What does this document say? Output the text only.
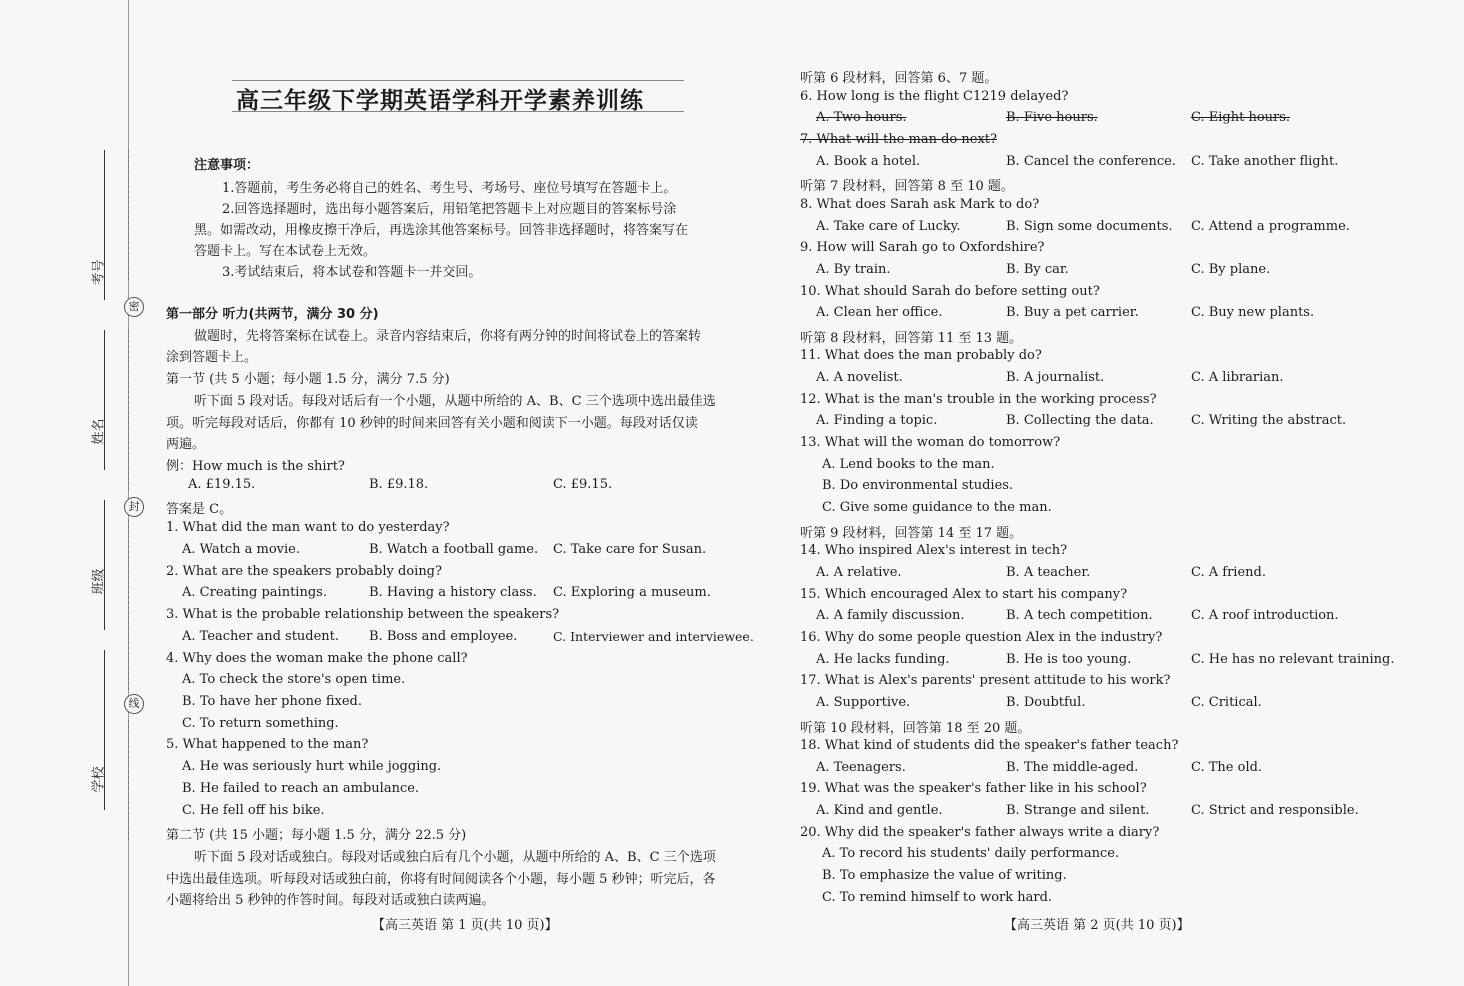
密
封
线
考号
姓名
班级
学校
高三年级下学期英语学科开学素养训练
注意事项：
1.答题前，考生务必将自己的姓名、考生号、考场号、座位号填写在答题卡上。
2.回答选择题时，选出每小题答案后，用铅笔把答题卡上对应题目的答案标号涂
黑。如需改动，用橡皮擦干净后，再选涂其他答案标号。回答非选择题时，将答案写在
答题卡上。写在本试卷上无效。
3.考试结束后，将本试卷和答题卡一并交回。
第一部分 听力(共两节，满分 30 分)
做题时，先将答案标在试卷上。录音内容结束后，你将有两分钟的时间将试卷上的答案转
涂到答题卡上。
第一节 (共 5 小题；每小题 1.5 分，满分 7.5 分)
听下面 5 段对话。每段对话后有一个小题，从题中所给的 A、B、C 三个选项中选出最佳选
项。听完每段对话后，你都有 10 秒钟的时间来回答有关小题和阅读下一小题。每段对话仅读
两遍。
例：How much is the shirt?
A. £19.15.	B. £9.18.	C. £9.15.
答案是 C。
1. What did the man want to do yesterday?
A. Watch a movie.	B. Watch a football game. C. Take care for Susan.
2. What are the speakers probably doing?
A. Creating paintings.	B. Having a history class. C. Exploring a museum.
3. What is the probable relationship between the speakers?
A. Teacher and student. B. Boss and employee.	C. Interviewer and interviewee.
4. Why does the woman make the phone call?
A. To check the store's open time.
B. To have her phone fixed.
C. To return something.
5. What happened to the man?
A. He was seriously hurt while jogging.
B. He failed to reach an ambulance.
C. He fell off his bike.
第二节 (共 15 小题；每小题 1.5 分，满分 22.5 分)
听下面 5 段对话或独白。每段对话或独白后有几个小题，从题中所给的 A、B、C 三个选项
中选出最佳选项。听每段对话或独白前，你将有时间阅读各个小题，每小题 5 秒钟；听完后，各
小题将给出 5 秒钟的作答时间。每段对话或独白读两遍。
【高三英语 第 1 页(共 10 页)】
听第 6 段材料，回答第 6、7 题。
6. How long is the flight C1219 delayed?
A. Two hours.	B. Five hours.	C. Eight hours.
7. What will the man do next?
A. Book a hotel.	B. Cancel the conference. C. Take another flight.
听第 7 段材料，回答第 8 至 10 题。
8. What does Sarah ask Mark to do?
A. Take care of Lucky.	B. Sign some documents. C. Attend a programme.
9. How will Sarah go to Oxfordshire?
A. By train.	B. By car.	C. By plane.
10. What should Sarah do before setting out?
A. Clean her office.	B. Buy a pet carrier.	C. Buy new plants.
听第 8 段材料，回答第 11 至 13 题。
11. What does the man probably do?
A. A novelist.	B. A journalist.	C. A librarian.
12. What is the man's trouble in the working process?
A. Finding a topic.	B. Collecting the data.	C. Writing the abstract.
13. What will the woman do tomorrow?
A. Lend books to the man.
B. Do environmental studies.
C. Give some guidance to the man.
听第 9 段材料，回答第 14 至 17 题。
14. Who inspired Alex's interest in tech?
A. A relative.	B. A teacher.	C. A friend.
15. Which encouraged Alex to start his company?
A. A family discussion.	B. A tech competition.	C. A roof introduction.
16. Why do some people question Alex in the industry?
A. He lacks funding.	B. He is too young.	C. He has no relevant training.
17. What is Alex's parents' present attitude to his work?
A. Supportive.	B. Doubtful.	C. Critical.
听第 10 段材料，回答第 18 至 20 题。
18. What kind of students did the speaker's father teach?
A. Teenagers.	B. The middle-aged.	C. The old.
19. What was the speaker's father like in his school?
A. Kind and gentle.	B. Strange and silent.	C. Strict and responsible.
20. Why did the speaker's father always write a diary?
A. To record his students' daily performance.
B. To emphasize the value of writing.
C. To remind himself to work hard.
【高三英语 第 2 页(共 10 页)】
